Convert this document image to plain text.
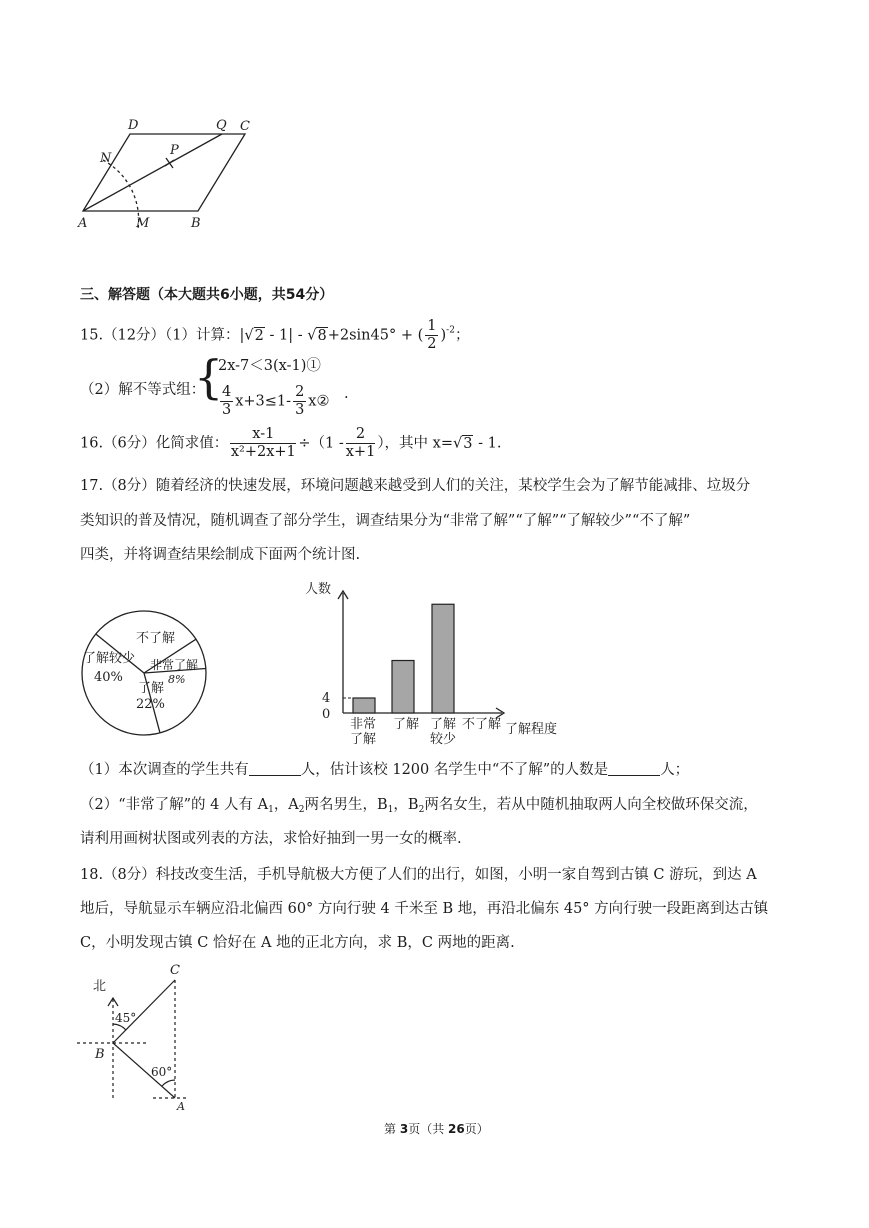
D	Q C
N
P
A	M	B
三、解答题（本大题共6小题，共54分）
15.（12分）（1）计算：|√2 - 1| - √8+2sin45° + ( $\frac{1}{2} )^{-2}$；
（2）解不等式组：
{
2x-7＜3(x-1)①
$\frac{4}{3} x+3\le 1- \frac{2}{3}$ x② .
16.（6分）化简求值： $\frac{x-1}{\text{x²+2x+1}} \div(1 - \frac{2}{x+1}$ ），其中 x=√3 - 1.
17.（8分）随着经济的快速发展，环境问题越来越受到人们的关注，某校学生会为了解节能减排、垃圾分
类知识的普及情况，随机调查了部分学生，调查结果分为“非常了解”“了解”“了解较少”“不了解”
四类，并将调查结果绘制成下面两个统计图.
不了解
非常了解
8%
了解
22%
了解较少
40%
人数
4
0
非常
了解
了解 了解
较少
不了解 了解程度
（1）本次调查的学生共有	人，估计该校 1200 名学生中“不了解”的人数是	人；
（2）“非常了解”的 4 人有 $A_1$，$A_2$两名男生，$B_1$，$B_2$两名女生，若从中随机抽取两人向全校做环保交流，
请利用画树状图或列表的方法，求恰好抽到一男一女的概率.
18.（8分）科技改变生活，手机导航极大方便了人们的出行，如图，小明一家自驾到古镇 C 游玩，到达 A
地后，导航显示车辆应沿北偏西 60° 方向行驶 4 千米至 B 地，再沿北偏东 45° 方向行驶一段距离到达古镇
C，小明发现古镇 C 恰好在 A 地的正北方向，求 B，C 两地的距离.
北
C
45°
B
60°
A
第 3页（共 26页）
